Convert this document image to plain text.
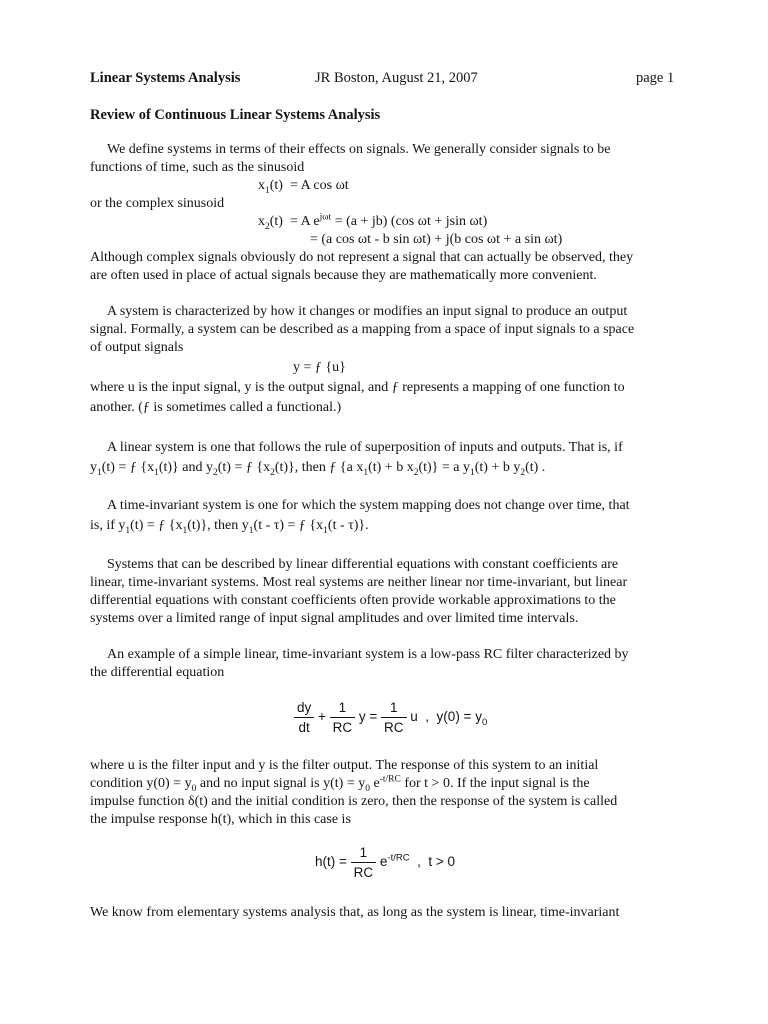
Linear Systems Analysis	JR Boston, August 21, 2007	page 1
Review of Continuous Linear Systems Analysis
We define systems in terms of their effects on signals. We generally consider signals to be
functions of time, such as the sinusoid
$x_1(t) = A$ cos ωt
or the complex sinusoid
$x_2(t) = A$ $e^{j\omega t} = (a + jb)$ (cos ωt + jsin ωt)
= (a cos ωt - b sin ωt) + j(b cos ωt + a sin ωt)
Although complex signals obviously do not represent a signal that can actually be observed, they
are often used in place of actual signals because they are mathematically more convenient.
A system is characterized by how it changes or modifies an input signal to produce an output
signal. Formally, a system can be described as a mapping from a space of input signals to a space
of output signals
y = ƒ {u}
where u is the input signal, y is the output signal, and ƒ represents a mapping of one function to
another. (ƒ is sometimes called a functional.)
A linear system is one that follows the rule of superposition of inputs and outputs. That is, if
$y_1(t)$ = ƒ $\{x_1(t)\}$ and $y_2(t)$ = ƒ $\{x_2(t)\}$, then ƒ {a $x_1(t) + b$ $x_2(t)\} = a$ $y_1(t) + b$ $y_2(t)$ .
A time-invariant system is one for which the system mapping does not change over time, that
is, if $y_1(t)$ = ƒ $\{x_1(t)\}$, then $y_1(t - \tau)$ = ƒ $\{x_1(t - \tau)\}$.
Systems that can be described by linear differential equations with constant coefficients are
linear, time-invariant systems. Most real systems are neither linear nor time-invariant, but linear
differential equations with constant coefficients often provide workable approximations to the
systems over a limited range of input signal amplitudes and over limited time intervals.
An example of a simple linear, time-invariant system is a low-pass RC filter characterized by
the differential equation
$\frac{dy}{dt} + \frac{1}{RC}$ $y = \frac{1}{RC}$ u  ,  $y(0) = y_0$
where u is the filter input and y is the filter output. The response of this system to an initial
condition $y(0) = y_0$ and no input signal is $y(t) = y_0$ $e^{-t/RC}$ for t > 0. If the input signal is the
impulse function δ(t) and the initial condition is zero, then the response of the system is called
the impulse response h(t), which in this case is
$h(t) = \frac{1}{RC} e^{-t/RC}$  ,  t > 0
We know from elementary systems analysis that, as long as the system is linear, time-invariant
